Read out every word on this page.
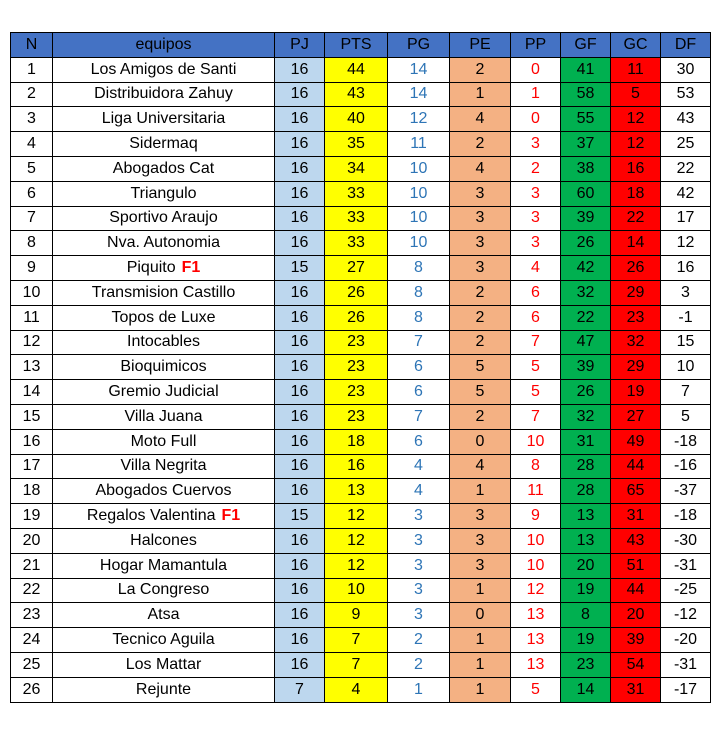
N	equipos	PJ	PTS	PG	PE	PP	GF	GC	DF
1	Los Amigos de Santi	16	44	14	2	0	41	11	30
2	Distribuidora Zahuy	16	43	14	1	1	58	5	53
3	Liga Universitaria	16	40	12	4	0	55	12	43
4	Sidermaq	16	35	11	2	3	37	12	25
5	Abogados Cat	16	34	10	4	2	38	16	22
6	Triangulo	16	33	10	3	3	60	18	42
7	Sportivo Araujo	16	33	10	3	3	39	22	17
8	Nva. Autonomia	16	33	10	3	3	26	14	12
9	Piquito F1	15	27	8	3	4	42	26	16
10	Transmision Castillo	16	26	8	2	6	32	29	3
11	Topos de Luxe	16	26	8	2	6	22	23	-1
12	Intocables	16	23	7	2	7	47	32	15
13	Bioquimicos	16	23	6	5	5	39	29	10
14	Gremio Judicial	16	23	6	5	5	26	19	7
15	Villa Juana	16	23	7	2	7	32	27	5
16	Moto Full	16	18	6	0	10	31	49	-18
17	Villa Negrita	16	16	4	4	8	28	44	-16
18	Abogados Cuervos	16	13	4	1	11	28	65	-37
19	Regalos Valentina F1	15	12	3	3	9	13	31	-18
20	Halcones	16	12	3	3	10	13	43	-30
21	Hogar Mamantula	16	12	3	3	10	20	51	-31
22	La Congreso	16	10	3	1	12	19	44	-25
23	Atsa	16	9	3	0	13	8	20	-12
24	Tecnico Aguila	16	7	2	1	13	19	39	-20
25	Los Mattar	16	7	2	1	13	23	54	-31
26	Rejunte	7	4	1	1	5	14	31	-17
